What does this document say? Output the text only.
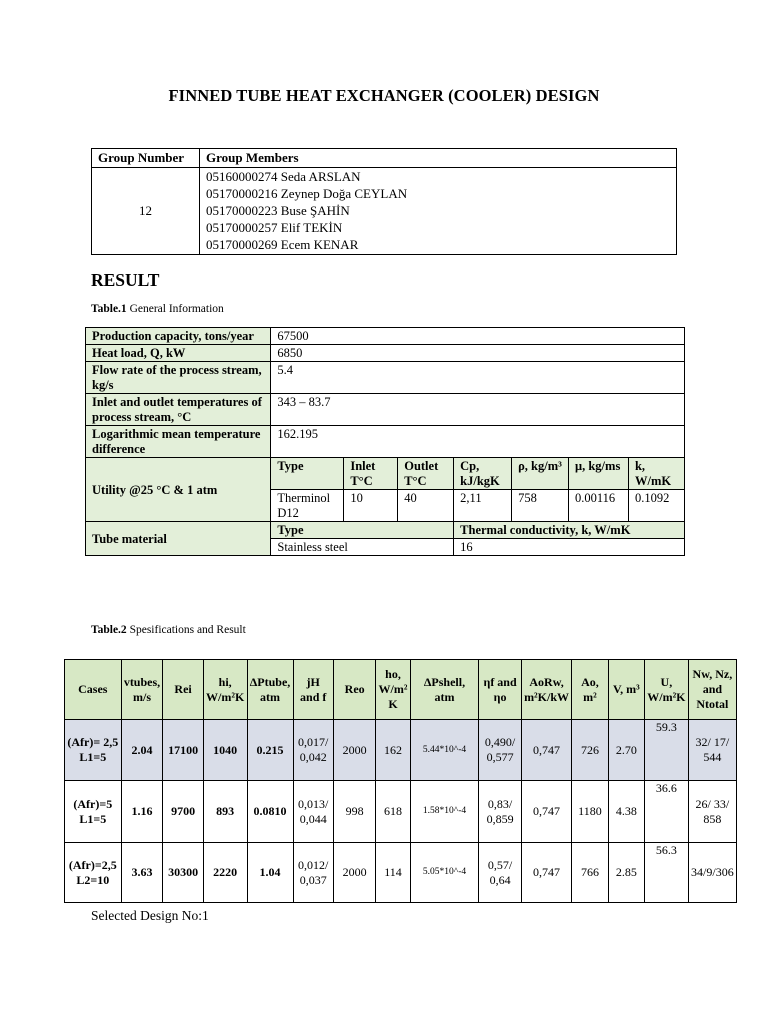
FINNED TUBE HEAT EXCHANGER (COOLER) DESIGN
Group Number	Group Members
12	05160000274 Seda ARSLAN
05170000216 Zeynep Doğa CEYLAN
05170000223 Buse ŞAHİN
05170000257 Elif TEKİN
05170000269 Ecem KENAR
RESULT
Table.1 General Information
Production capacity, tons/year	67500						
Heat load, Q, kW	6850						
Flow rate of the process stream, kg/s	5.4						
Inlet and outlet temperatures of process stream, °C	343 – 83.7						
Logarithmic mean temperature difference	162.195						
Utility @25 °C & 1 atm	Type	Inlet T°C	Outlet T°C	Cp, kJ/kgK	ρ, kg/m³	μ, kg/ms	k, W/mK
	Therminol D12	10	40	2,11	758	0.00116	0.1092
Tube material	Type			Thermal conductivity, k, W/mK			
	Stainless steel			16			
Table.2 Spesifications and Result
Cases	vtubes, m/s	Rei	hi, W/m²K	ΔPtube, atm	jH and f	Reo	ho, W/m² K	ΔPshell, atm	ηf and ηo	AoRw, m²K/kW	Ao, m²	V, m³	U, W/m²K	Nw, Nz, and Ntotal
(Afr)= 2,5 L1=5	2.04	17100	1040	0.215	0,017/ 0,042	2000	162	5.44*10^-4	0,490/ 0,577	0,747	726	2.70	59.3	32/ 17/ 544
(Afr)=5 L1=5	1.16	9700	893	0.0810	0,013/ 0,044	998	618	1.58*10^-4	0,83/ 0,859	0,747	1180	4.38	36.6	26/ 33/ 858
(Afr)=2,5 L2=10	3.63	30300	2220	1.04	0,012/ 0,037	2000	114	5.05*10^-4	0,57/ 0,64	0,747	766	2.85	56.3	34/9/306
Selected Design No:1
